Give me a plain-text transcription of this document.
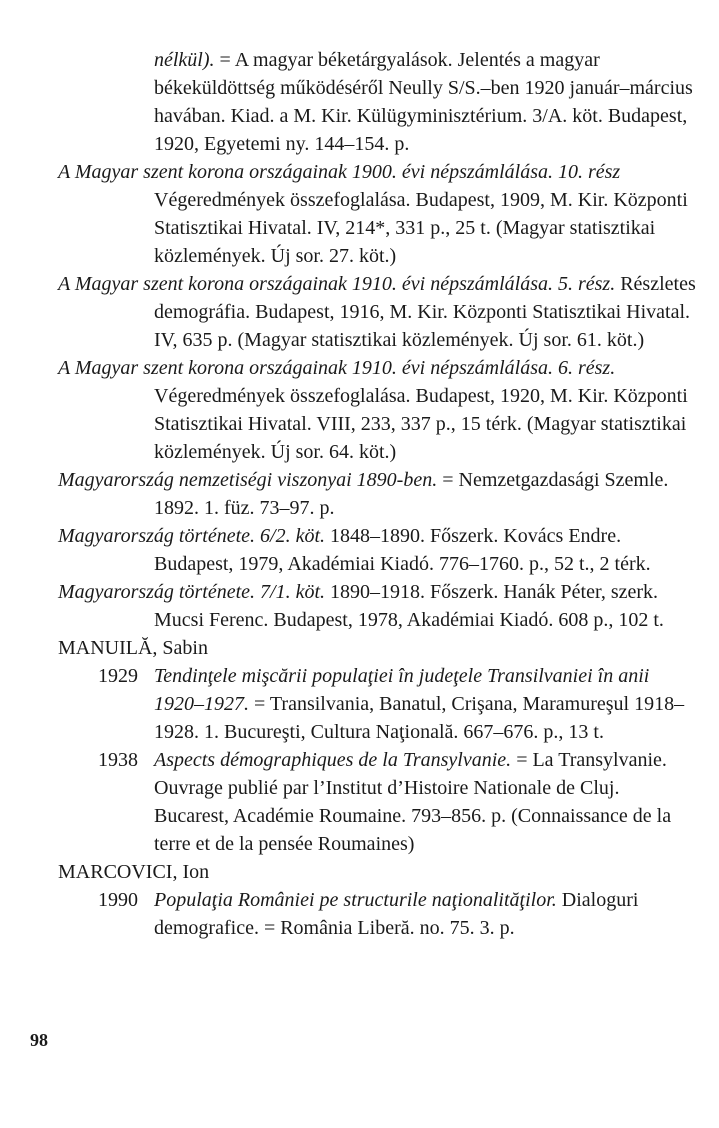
nélkül). = A magyar béketárgyalások. Jelentés a magyar békeküldöttség működéséről Neully S/S.–ben 1920 január–március havában. Kiad. a M. Kir. Külügyminisztérium. 3/A. köt. Budapest, 1920, Egyetemi ny. 144–154. p.
A Magyar szent korona országainak 1900. évi népszámlálása. 10. rész Végeredmények összefoglalása. Budapest, 1909, M. Kir. Központi Statisztikai Hivatal. IV, 214*, 331 p., 25 t. (Magyar statisztikai közlemények. Új sor. 27. köt.)
A Magyar szent korona országainak 1910. évi népszámlálása. 5. rész. Részletes demográfia. Budapest, 1916, M. Kir. Központi Statisztikai Hivatal. IV, 635 p. (Magyar statisztikai közlemények. Új sor. 61. köt.)
A Magyar szent korona országainak 1910. évi népszámlálása. 6. rész. Végeredmények összefoglalása. Budapest, 1920, M. Kir. Központi Statisztikai Hivatal. VIII, 233, 337 p., 15 térk. (Magyar statisztikai közlemények. Új sor. 64. köt.)
Magyarország nemzetiségi viszonyai 1890-ben. = Nemzetgazdasági Szemle. 1892. 1. füz. 73–97. p.
Magyarország története. 6/2. köt. 1848–1890. Főszerk. Kovács Endre. Budapest, 1979, Akadémiai Kiadó. 776–1760. p., 52 t., 2 térk.
Magyarország története. 7/1. köt. 1890–1918. Főszerk. Hanák Péter, szerk. Mucsi Ferenc. Budapest, 1978, Akadémiai Kiadó. 608 p., 102 t.
MANUILĂ, Sabin
1929 Tendinţele mişcării populaţiei în judeţele Transilvaniei în anii 1920–1927. = Transilvania, Banatul, Crişana, Maramureşul 1918–1928. 1. Bucureşti, Cultura Naţională. 667–676. p., 13 t.
1938 Aspects démographiques de la Transylvanie. = La Transylvanie. Ouvrage publié par l’Institut d’Histoire Nationale de Cluj. Bucarest, Académie Roumaine. 793–856. p. (Connaissance de la terre et de la pensée Roumaines)
MARCOVICI, Ion
1990 Populaţia României pe structurile naţionalităţilor. Dialoguri demografice. = România Liberă. no. 75. 3. p.
98
